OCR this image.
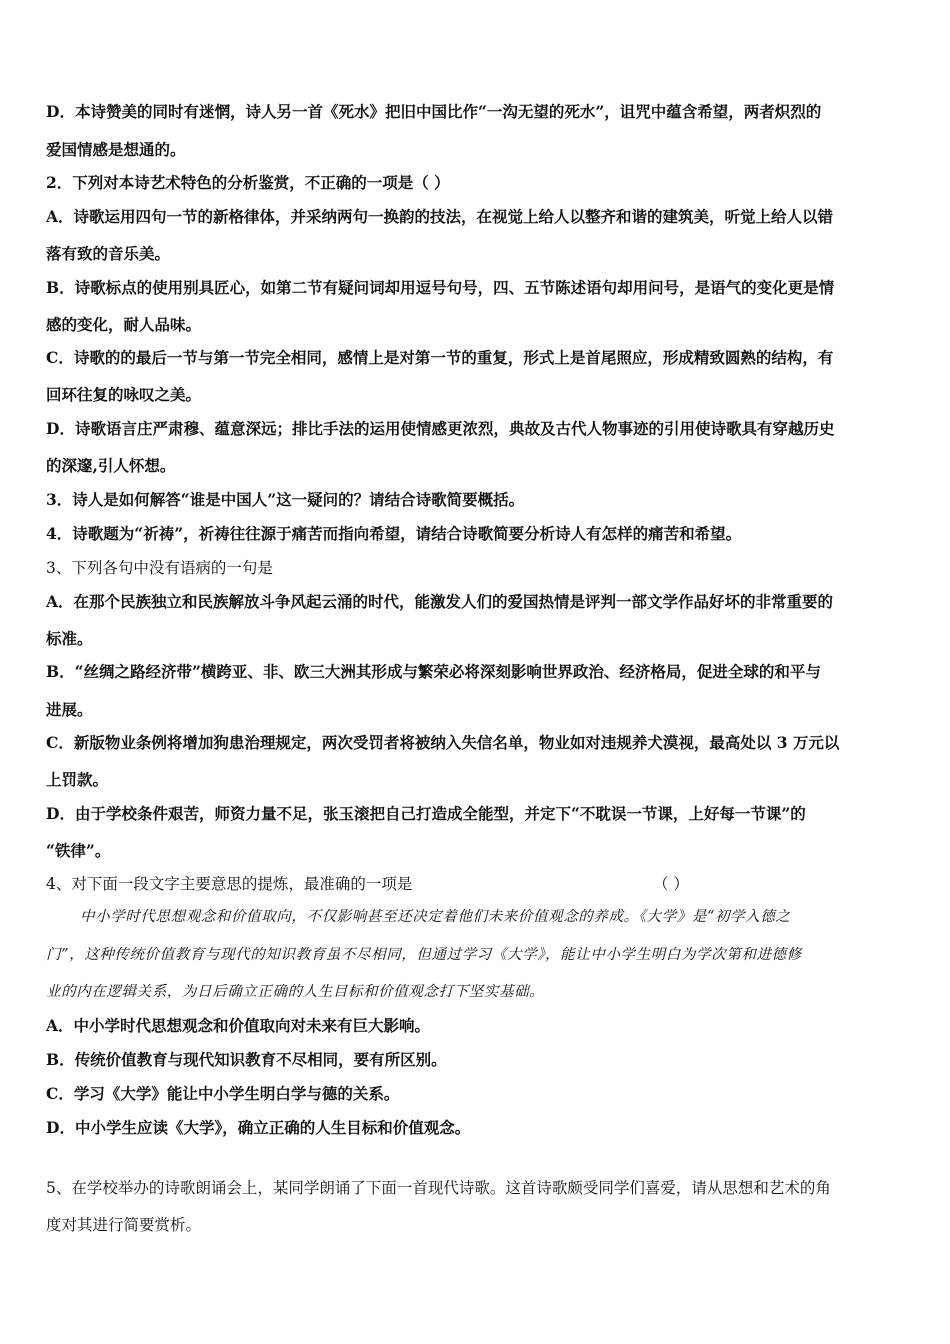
D．本诗赞美的同时有迷惘，诗人另一首《死水》把旧中国比作“一沟无望的死水”，诅咒中蕴含希望，两者炽烈的
爱国情感是想通的。
2．下列对本诗艺术特色的分析鉴赏，不正确的一项是（ ）
A．诗歌运用四句一节的新格律体，并采纳两句一换韵的技法，在视觉上给人以整齐和谐的建筑美，听觉上给人以错
落有致的音乐美。
B．诗歌标点的使用别具匠心，如第二节有疑问词却用逗号句号，四、五节陈述语句却用问号，是语气的变化更是情
感的变化，耐人品味。
C．诗歌的的最后一节与第一节完全相同，感情上是对第一节的重复，形式上是首尾照应，形成精致圆熟的结构，有
回环往复的咏叹之美。
D．诗歌语言庄严肃穆、蕴意深远；排比手法的运用使情感更浓烈，典故及古代人物事迹的引用使诗歌具有穿越历史
的深邃,引人怀想。
3．诗人是如何解答“谁是中国人”这一疑问的？请结合诗歌简要概括。
4．诗歌题为“祈祷”，祈祷往往源于痛苦而指向希望，请结合诗歌简要分析诗人有怎样的痛苦和希望。
3、下列各句中没有语病的一句是
A．在那个民族独立和民族解放斗争风起云涌的时代，能激发人们的爱国热情是评判一部文学作品好坏的非常重要的
标准。
B．“丝绸之路经济带”横跨亚、非、欧三大洲其形成与繁荣必将深刻影响世界政治、经济格局，促进全球的和平与
进展。
C．新版物业条例将增加狗患治理规定，两次受罚者将被纳入失信名单，物业如对违规养犬漠视，最高处以 3 万元以
上罚款。
D．由于学校条件艰苦，师资力量不足，张玉滚把自己打造成全能型，并定下“不耽误一节课，上好每一节课”的
“铁律”。
4、对下面一段文字主要意思的提炼，最准确的一项是	（ ）
中小学时代思想观念和价值取向，不仅影响甚至还决定着他们未来价值观念的养成。《大学》是“初学入德之
门”，这种传统价值教育与现代的知识教育虽不尽相同，但通过学习《大学》，能让中小学生明白为学次第和进德修
业的内在逻辑关系，为日后确立正确的人生目标和价值观念打下坚实基础。
A．中小学时代思想观念和价值取向对未来有巨大影响。
B．传统价值教育与现代知识教育不尽相同，要有所区别。
C．学习《大学》能让中小学生明白学与德的关系。
D．中小学生应读《大学》，确立正确的人生目标和价值观念。
5、在学校举办的诗歌朗诵会上，某同学朗诵了下面一首现代诗歌。这首诗歌颇受同学们喜爱，请从思想和艺术的角
度对其进行简要赏析。
